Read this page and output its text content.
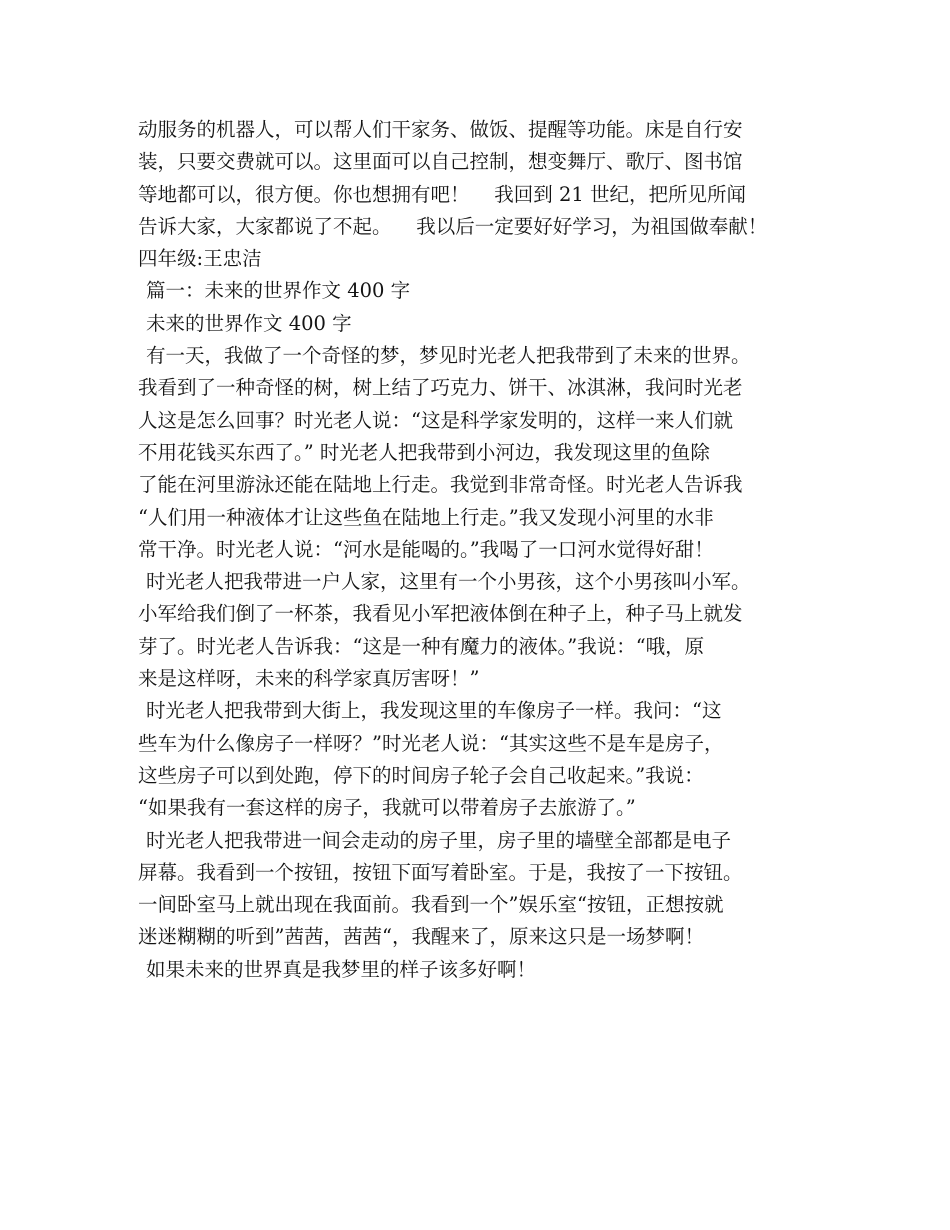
动服务的机器人，可以帮人们干家务、做饭、提醒等功能。床是自行安
装，只要交费就可以。这里面可以自己控制，想变舞厅、歌厅、图书馆
等地都可以，很方便。你也想拥有吧！    我回到 21 世纪，把所见所闻
告诉大家，大家都说了不起。    我以后一定要好好学习，为祖国做奉献！
四年级:王忠洁
篇一：未来的世界作文 400 字
未来的世界作文 400 字
有一天，我做了一个奇怪的梦，梦见时光老人把我带到了未来的世界。
我看到了一种奇怪的树，树上结了巧克力、饼干、冰淇淋，我问时光老
人这是怎么回事？时光老人说：“这是科学家发明的，这样一来人们就
不用花钱买东西了。” 时光老人把我带到小河边，我发现这里的鱼除
了能在河里游泳还能在陆地上行走。我觉到非常奇怪。时光老人告诉我
“人们用一种液体才让这些鱼在陆地上行走。”我又发现小河里的水非
常干净。时光老人说：“河水是能喝的。”我喝了一口河水觉得好甜！
时光老人把我带进一户人家，这里有一个小男孩，这个小男孩叫小军。
小军给我们倒了一杯茶，我看见小军把液体倒在种子上，种子马上就发
芽了。时光老人告诉我：“这是一种有魔力的液体。”我说：“哦，原
来是这样呀，未来的科学家真厉害呀！”
时光老人把我带到大街上，我发现这里的车像房子一样。我问：“这
些车为什么像房子一样呀？”时光老人说：“其实这些不是车是房子，
这些房子可以到处跑，停下的时间房子轮子会自己收起来。”我说：
“如果我有一套这样的房子，我就可以带着房子去旅游了。”
时光老人把我带进一间会走动的房子里，房子里的墙壁全部都是电子
屏幕。我看到一个按钮，按钮下面写着卧室。于是，我按了一下按钮。
一间卧室马上就出现在我面前。我看到一个”娱乐室“按钮，正想按就
迷迷糊糊的听到”茜茜，茜茜“，我醒来了，原来这只是一场梦啊！
如果未来的世界真是我梦里的样子该多好啊！
